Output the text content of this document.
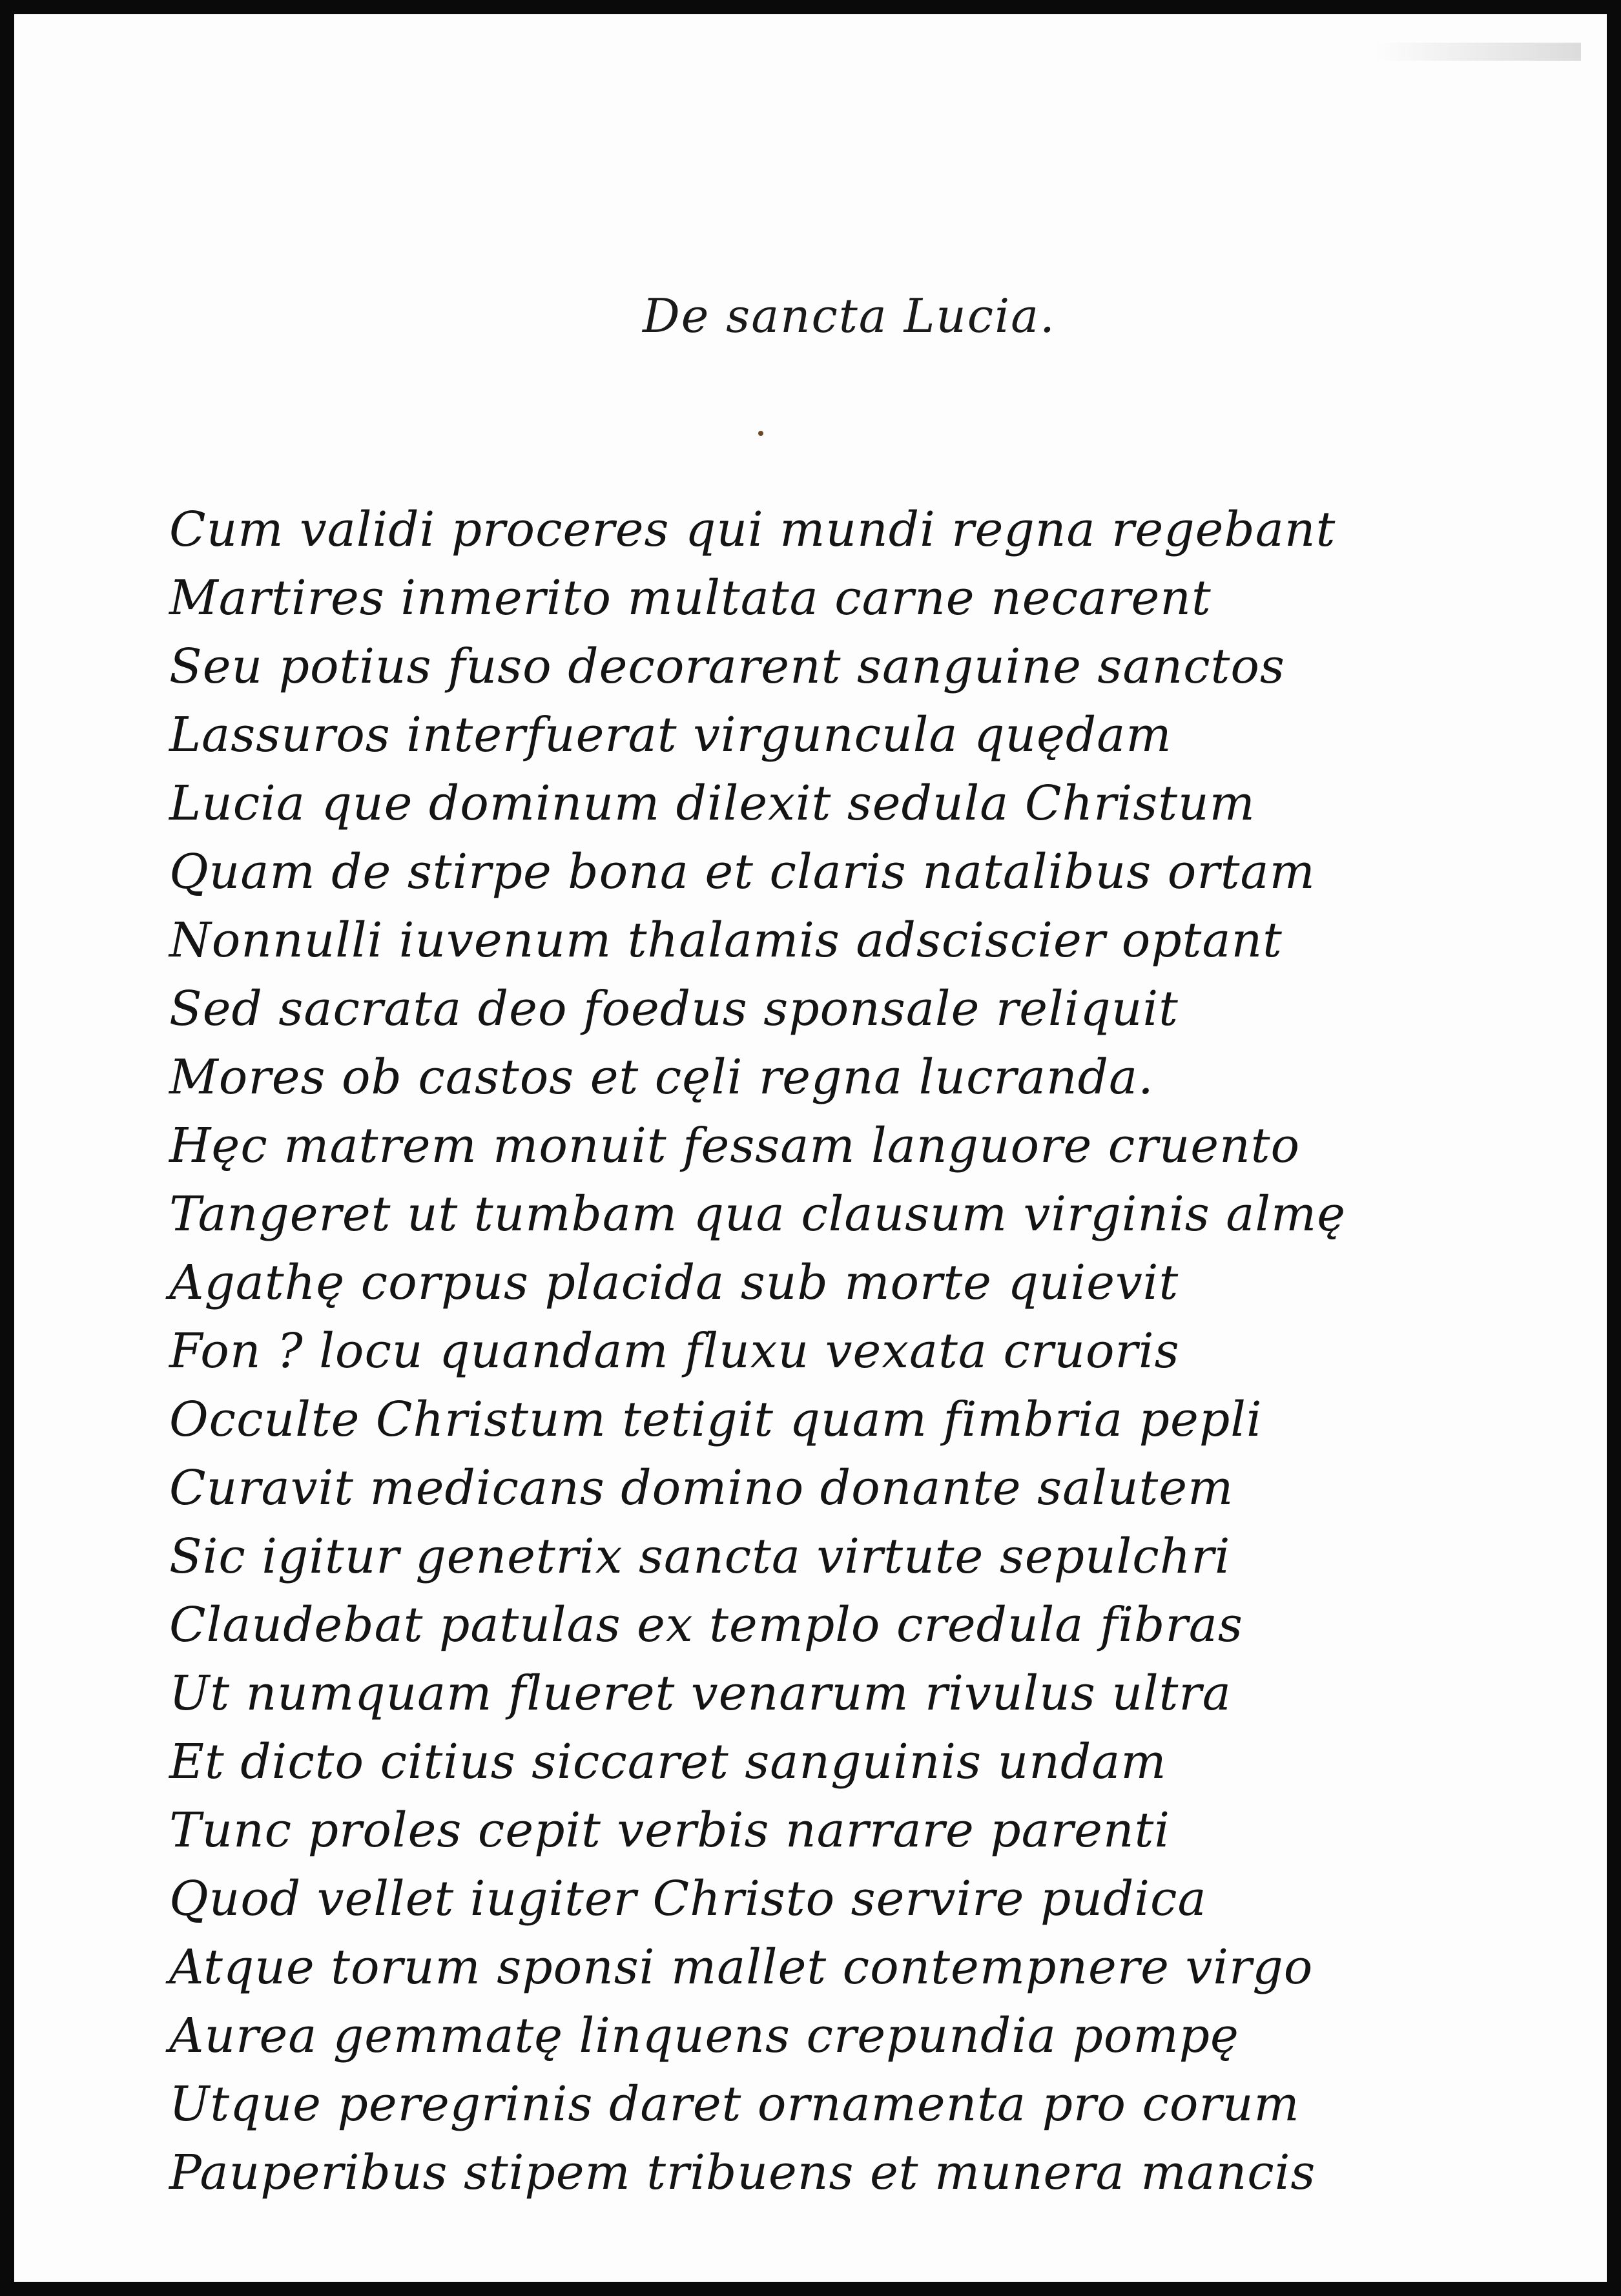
De sancta Lucia.
Cum validi proceres qui mundi regna regebant
Martires inmerito multata carne necarent
Seu potius fuso decorarent sanguine sanctos
Lassuros interfuerat virguncula quędam
Lucia que dominum dilexit sedula Christum
Quam de stirpe bona et claris natalibus ortam
Nonnulli iuvenum thalamis adsciscier optant
Sed sacrata deo foedus sponsale reliquit
Mores ob castos et cęli regna lucranda.
Hęc matrem monuit fessam languore cruento
Tangeret ut tumbam qua clausum virginis almę
Agathę corpus placida sub morte quievit
Fon ? locu quandam fluxu vexata cruoris
Occulte Christum tetigit quam fimbria pepli
Curavit medicans domino donante salutem
Sic igitur genetrix sancta virtute sepulchri
Claudebat patulas ex templo credula fibras
Ut numquam flueret venarum rivulus ultra
Et dicto citius siccaret sanguinis undam
Tunc proles cepit verbis narrare parenti
Quod vellet iugiter Christo servire pudica
Atque torum sponsi mallet contempnere virgo
Aurea gemmatę linquens crepundia pompę
Utque peregrinis daret ornamenta pro corum
Pauperibus stipem tribuens et munera mancis
